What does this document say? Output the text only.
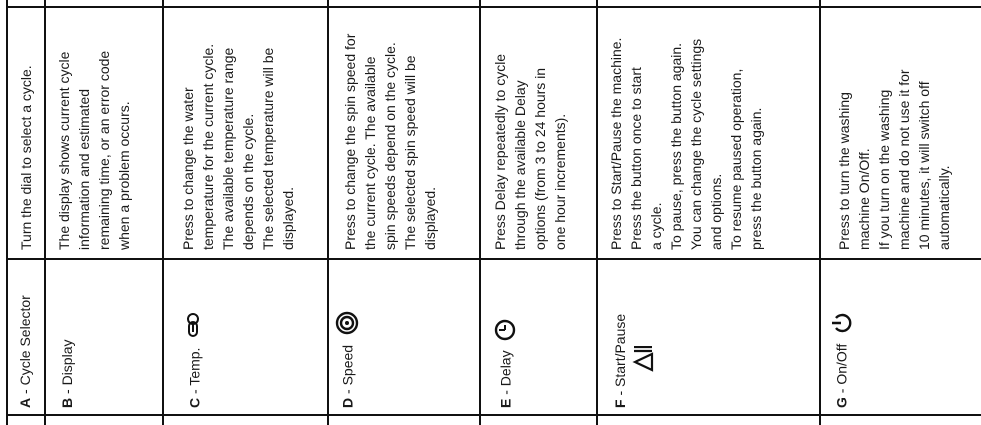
A - Cycle Selector
Turn the dial to select a cycle.
B - Display
The display shows current cycle information and estimated remaining time, or an error code when a problem occurs.
C - Temp.
Press to change the water temperature for the current cycle. The available temperature range depends on the cycle. The selected temperature will be displayed.
D - Speed
Press to change the spin speed for the current cycle. The available spin speeds depend on the cycle. The selected spin speed will be displayed.
E - Delay
Press Delay repeatedly to cycle through the available Delay options (from 3 to 24 hours in one hour increments).
F - Start/Pause
Press to Start/Pause the machine. Press the button once to start a cycle. To pause, press the button again. You can change the cycle settings and options. To resume paused operation, press the button again.
G - On/Off
Press to turn the washing machine On/Off. If you turn on the washing machine and do not use it for 10 minutes, it will switch off automatically.
